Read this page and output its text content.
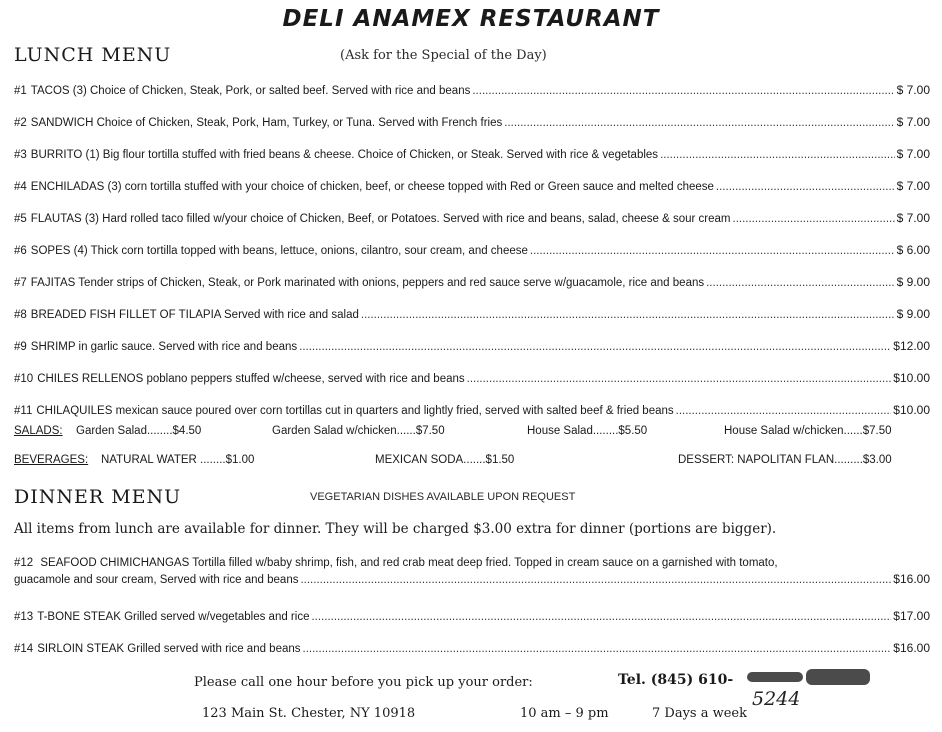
DELI ANAMEX RESTAURANT
LUNCH MENU	(Ask for the Special of the Day)
#1 TACOS (3) Choice of Chicken, Steak, Pork, or salted beef. Served with rice and beans .....	$ 7.00
#2 SANDWICH Choice of Chicken, Steak, Pork, Ham, Turkey, or Tuna. Served with French fries .....	$ 7.00
#3 BURRITO (1) Big flour tortilla stuffed with fried beans & cheese. Choice of Chicken, or Steak. Served with rice & vegetables .....	$ 7.00
#4 ENCHILADAS (3) corn tortilla stuffed with your choice of chicken, beef, or cheese topped with Red or Green sauce and melted cheese .....	$ 7.00
#5 FLAUTAS (3) Hard rolled taco filled w/your choice of Chicken, Beef, or Potatoes. Served with rice and beans, salad, cheese & sour cream .....	$ 7.00
#6 SOPES (4) Thick corn tortilla topped with beans, lettuce, onions, cilantro, sour cream, and cheese .....	$ 6.00
#7 FAJITAS Tender strips of Chicken, Steak, or Pork marinated with onions, peppers and red sauce serve w/guacamole, rice and beans .....	$ 9.00
#8 BREADED FISH FILLET OF TILAPIA Served with rice and salad .....	$ 9.00
#9 SHRIMP in garlic sauce. Served with rice and beans .....	$12.00
#10 CHILES RELLENOS poblano peppers stuffed w/cheese, served with rice and beans .....	$10.00
#11 CHILAQUILES mexican sauce poured over corn tortillas cut in quarters and lightly fried, served with salted beef & fried beans .....	$10.00
SALADS: Garden Salad........$4.50	Garden Salad w/chicken......$7.50	House Salad........$5.50	House Salad w/chicken......$7.50
BEVERAGES: NATURAL WATER ........$1.00	MEXICAN SODA.......$1.50	DESSERT: NAPOLITAN FLAN.........$3.00
DINNER MENU	VEGETARIAN DISHES AVAILABLE UPON REQUEST
All items from lunch are available for dinner. They will be charged $3.00 extra for dinner (portions are bigger).
#12 SEAFOOD CHIMICHANGAS Tortilla filled w/baby shrimp, fish, and red crab meat deep fried. Topped in cream sauce on a garnished with tomato,
guacamole and sour cream, Served with rice and beans .....	$16.00
#13 T-BONE STEAK Grilled served w/vegetables and rice .....	$17.00
#14 SIRLOIN STEAK Grilled served with rice and beans .....	$16.00
Please call one hour before you pick up your order:	Tel. (845) 610-
5244
123 Main St. Chester, NY 10918	10 am – 9 pm	7 Days a week
